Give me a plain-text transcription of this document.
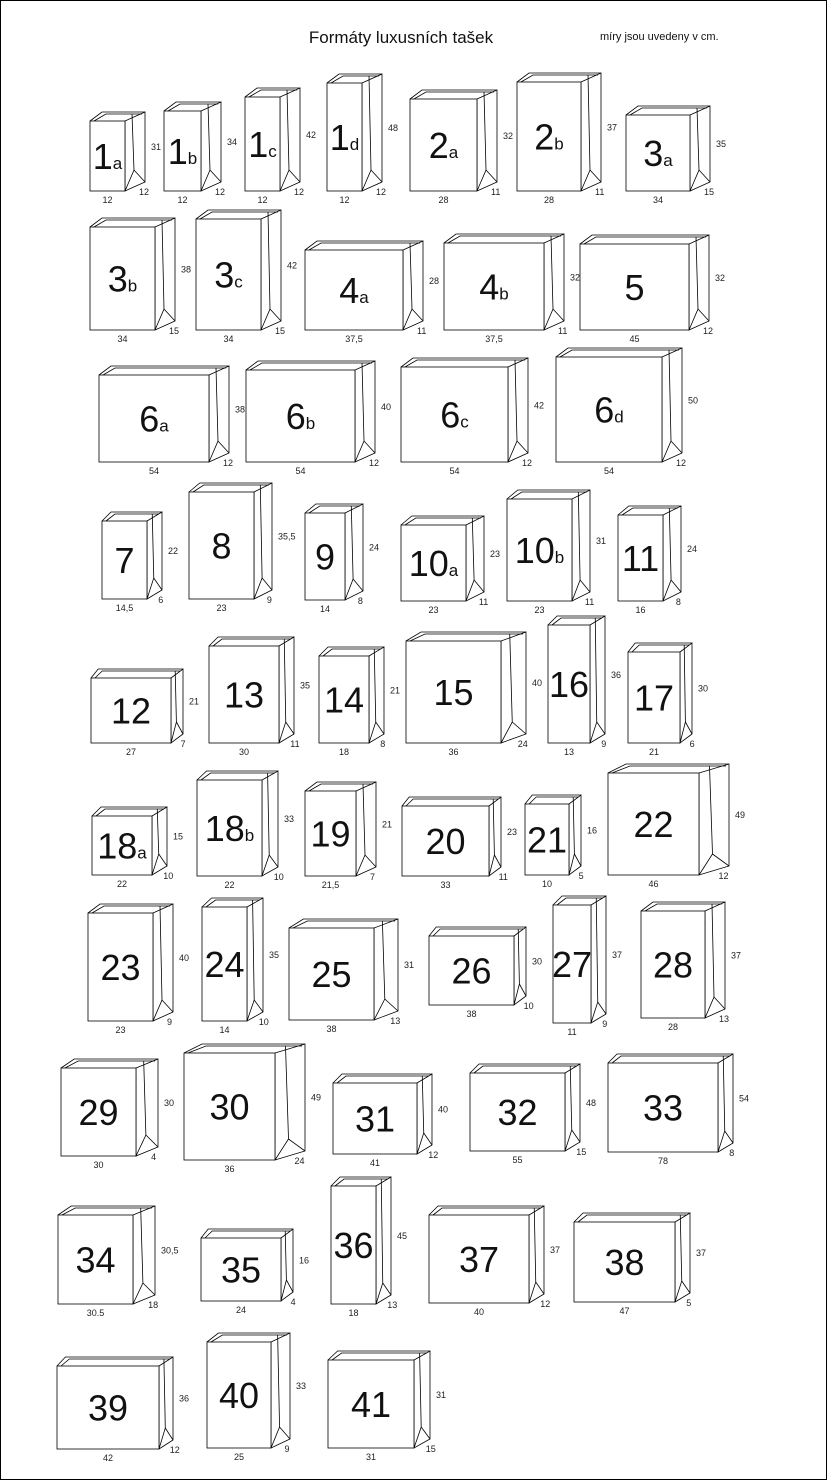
Formáty luxusních tašek	míry jsou uvedeny v cm.
1a
12
12
31 1b
12
12
34 1c
12
12
42 1d
12
12
48 2a
28
11
32 2b
28
11
37
3a
34
15
35
3b
34
15
38 3c
34
15
42
4a
37,5
11
28 4b
37,5
11
32 5
45
12
32
6a
54
12
38 6b
54
12
40 6c
54
12
42 6d
54
12
50
7
14,5
6
22 8
23
9
35,5 9
14
8
24 10a
23
11
23 10b
23
11
31 11
16
8
24
12
27
7
21 13
30
11
35 14
18
8
21 15
36
24
40 16
13
9
36
17
21
6
30
18a
22
10
15 18b
22
10
33 19
21,5
7
21 20
33
11
23 21
10
5
16 22
46
12
49
23
23
9
40 24
14
10
35 25
38
13
31 26
38
10
30 27
11
9
37 28
28
13
37
29
30
4
30 30
36
24
49
31
41
12
40 32
55
15
48 33
78
8
54
34
30.5
18
30,5 35
24
4
16 36
18
13
45
37
40
12
37 38
47
5
37
39
42
12
36 40
25
9
33 41
31
15
31
